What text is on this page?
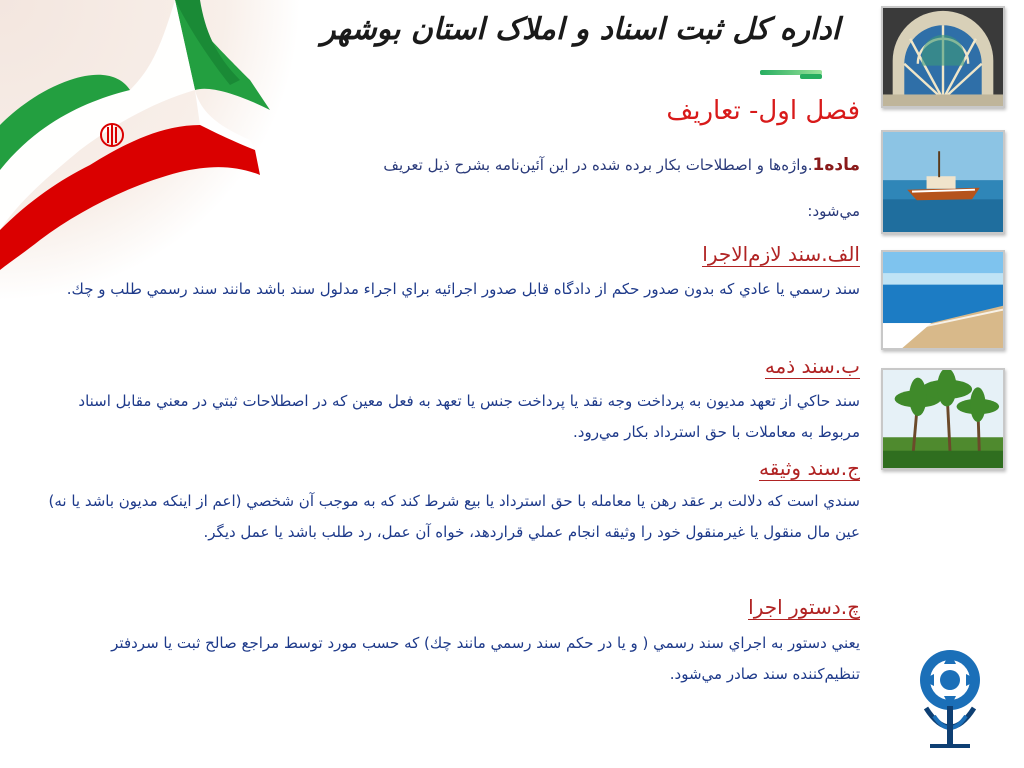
اداره کل ثبت اسناد و املاک استان بوشهر
فصل اول- تعاريف
ماده1.واژه‌ها و اصطلاحات بکار برده شده در اين آئين‌نامه بشرح ذيل تعريف
مي‌شود:
الف.سند لازم‌الاجرا

سند رسمي يا عادي كه بدون صدور حكم از دادگاه قابل صدور اجرائيه براي اجراء مدلول سند باشد مانند سند رسمي طلب و چك.

ب.سند ذمه

سند حاكي از تعهد مديون به پرداخت وجه نقد يا پرداخت جنس يا تعهد به فعل معين كه در اصطلاحات ثبتي در معني مقابل اسناد مربوط به معاملات با حق استرداد بكار مي‌رود.

ج.سند وثيقه

سندي است كه دلالت بر عقد رهن يا معامله با حق استرداد يا بيع شرط كند كه به موجب آن شخصي (اعم از اينكه مديون باشد يا نه) عين مال منقول يا غيرمنقول خود را وثيقه انجام عملي قراردهد، خواه آن عمل، رد طلب باشد يا عمل ديگر.

چ.دستور اجرا

يعني دستور به اجراي سند رسمي ( و يا در حكم سند رسمي مانند چك) كه حسب مورد توسط مراجع صالح ثبت يا سردفتر تنظيم‌كننده سند صادر مي‌شود.
